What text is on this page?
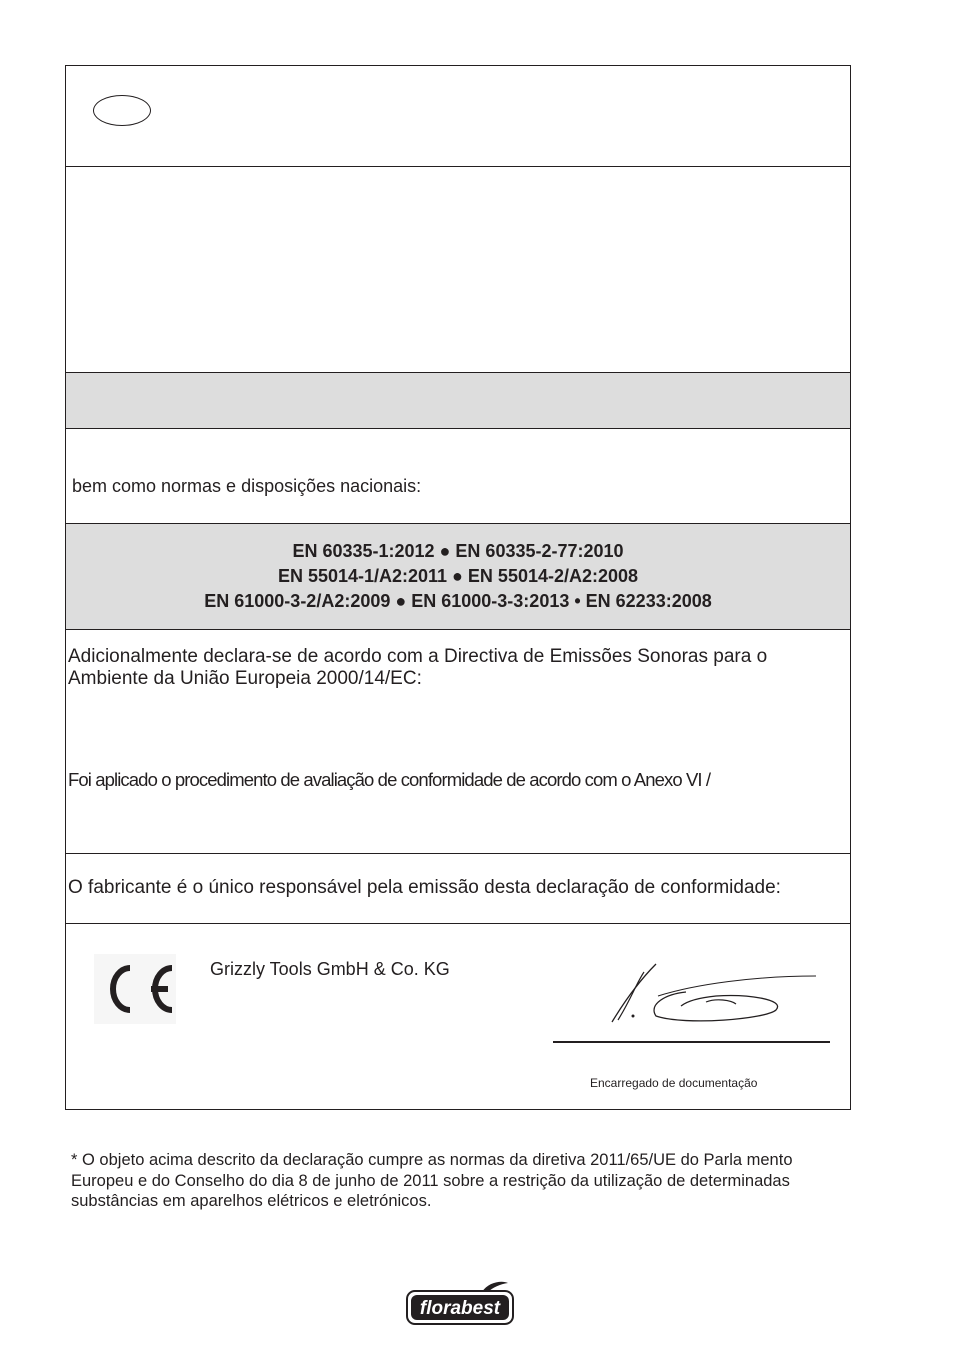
bem como normas e disposições nacionais:
EN 60335-1:2012 ● EN 60335-2-77:2010
EN 55014-1/A2:2011 ● EN 55014-2/A2:2008
EN 61000-3-2/A2:2009 ● EN 61000-3-3:2013 • EN 62233:2008
Adicionalmente declara-se de acordo com a Directiva de Emissões Sonoras para o Ambiente da União Europeia 2000/14/EC:
Foi aplicado o procedimento de avaliação de conformidade de acordo com o Anexo VI /
O fabricante é o único responsável pela emissão desta declaração de conformidade:
Grizzly Tools GmbH & Co. KG
Encarregado de documentação
* O objeto acima descrito da declaração cumpre as normas da diretiva 2011/65/UE do Parla mento Europeu e do Conselho do dia 8 de junho de 2011 sobre a restrição da utilização de determinadas substâncias em aparelhos elétricos e eletrónicos.
florabest
